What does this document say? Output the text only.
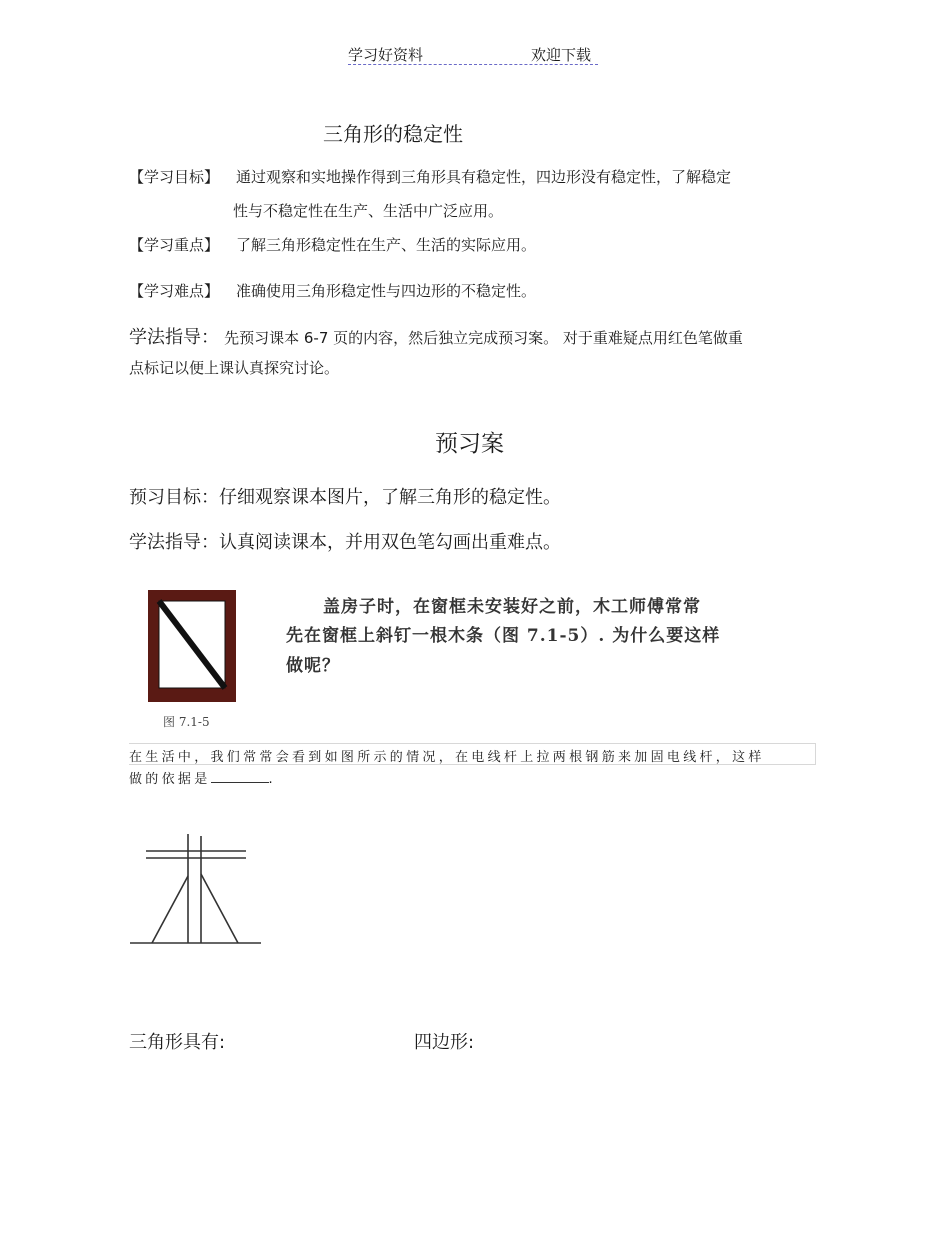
学习好资料	欢迎下载
三角形的稳定性
【学习目标】 通过观察和实地操作得到三角形具有稳定性，四边形没有稳定性，了解稳定
性与不稳定性在生产、生活中广泛应用。
【学习重点】 了解三角形稳定性在生产、生活的实际应用。
【学习难点】 准确使用三角形稳定性与四边形的不稳定性。
学法指导： 先预习课本 6-7 页的内容，然后独立完成预习案。 对于重难疑点用红色笔做重
点标记以便上课认真探究讨论。
预习案
预习目标：仔细观察课本图片，了解三角形的稳定性。
学法指导：认真阅读课本，并用双色笔勾画出重难点。
图 7.1-5
盖房子时，在窗框未安装好之前，木工师傅常常
先在窗框上斜钉一根木条（图 7.1-5）. 为什么要这样
做呢？
在生活中，我们常常会看到如图所示的情况，在电线杆上拉两根钢筋来加固电线杆，这样
做的依据是	.
三角形具有:	四边形:
